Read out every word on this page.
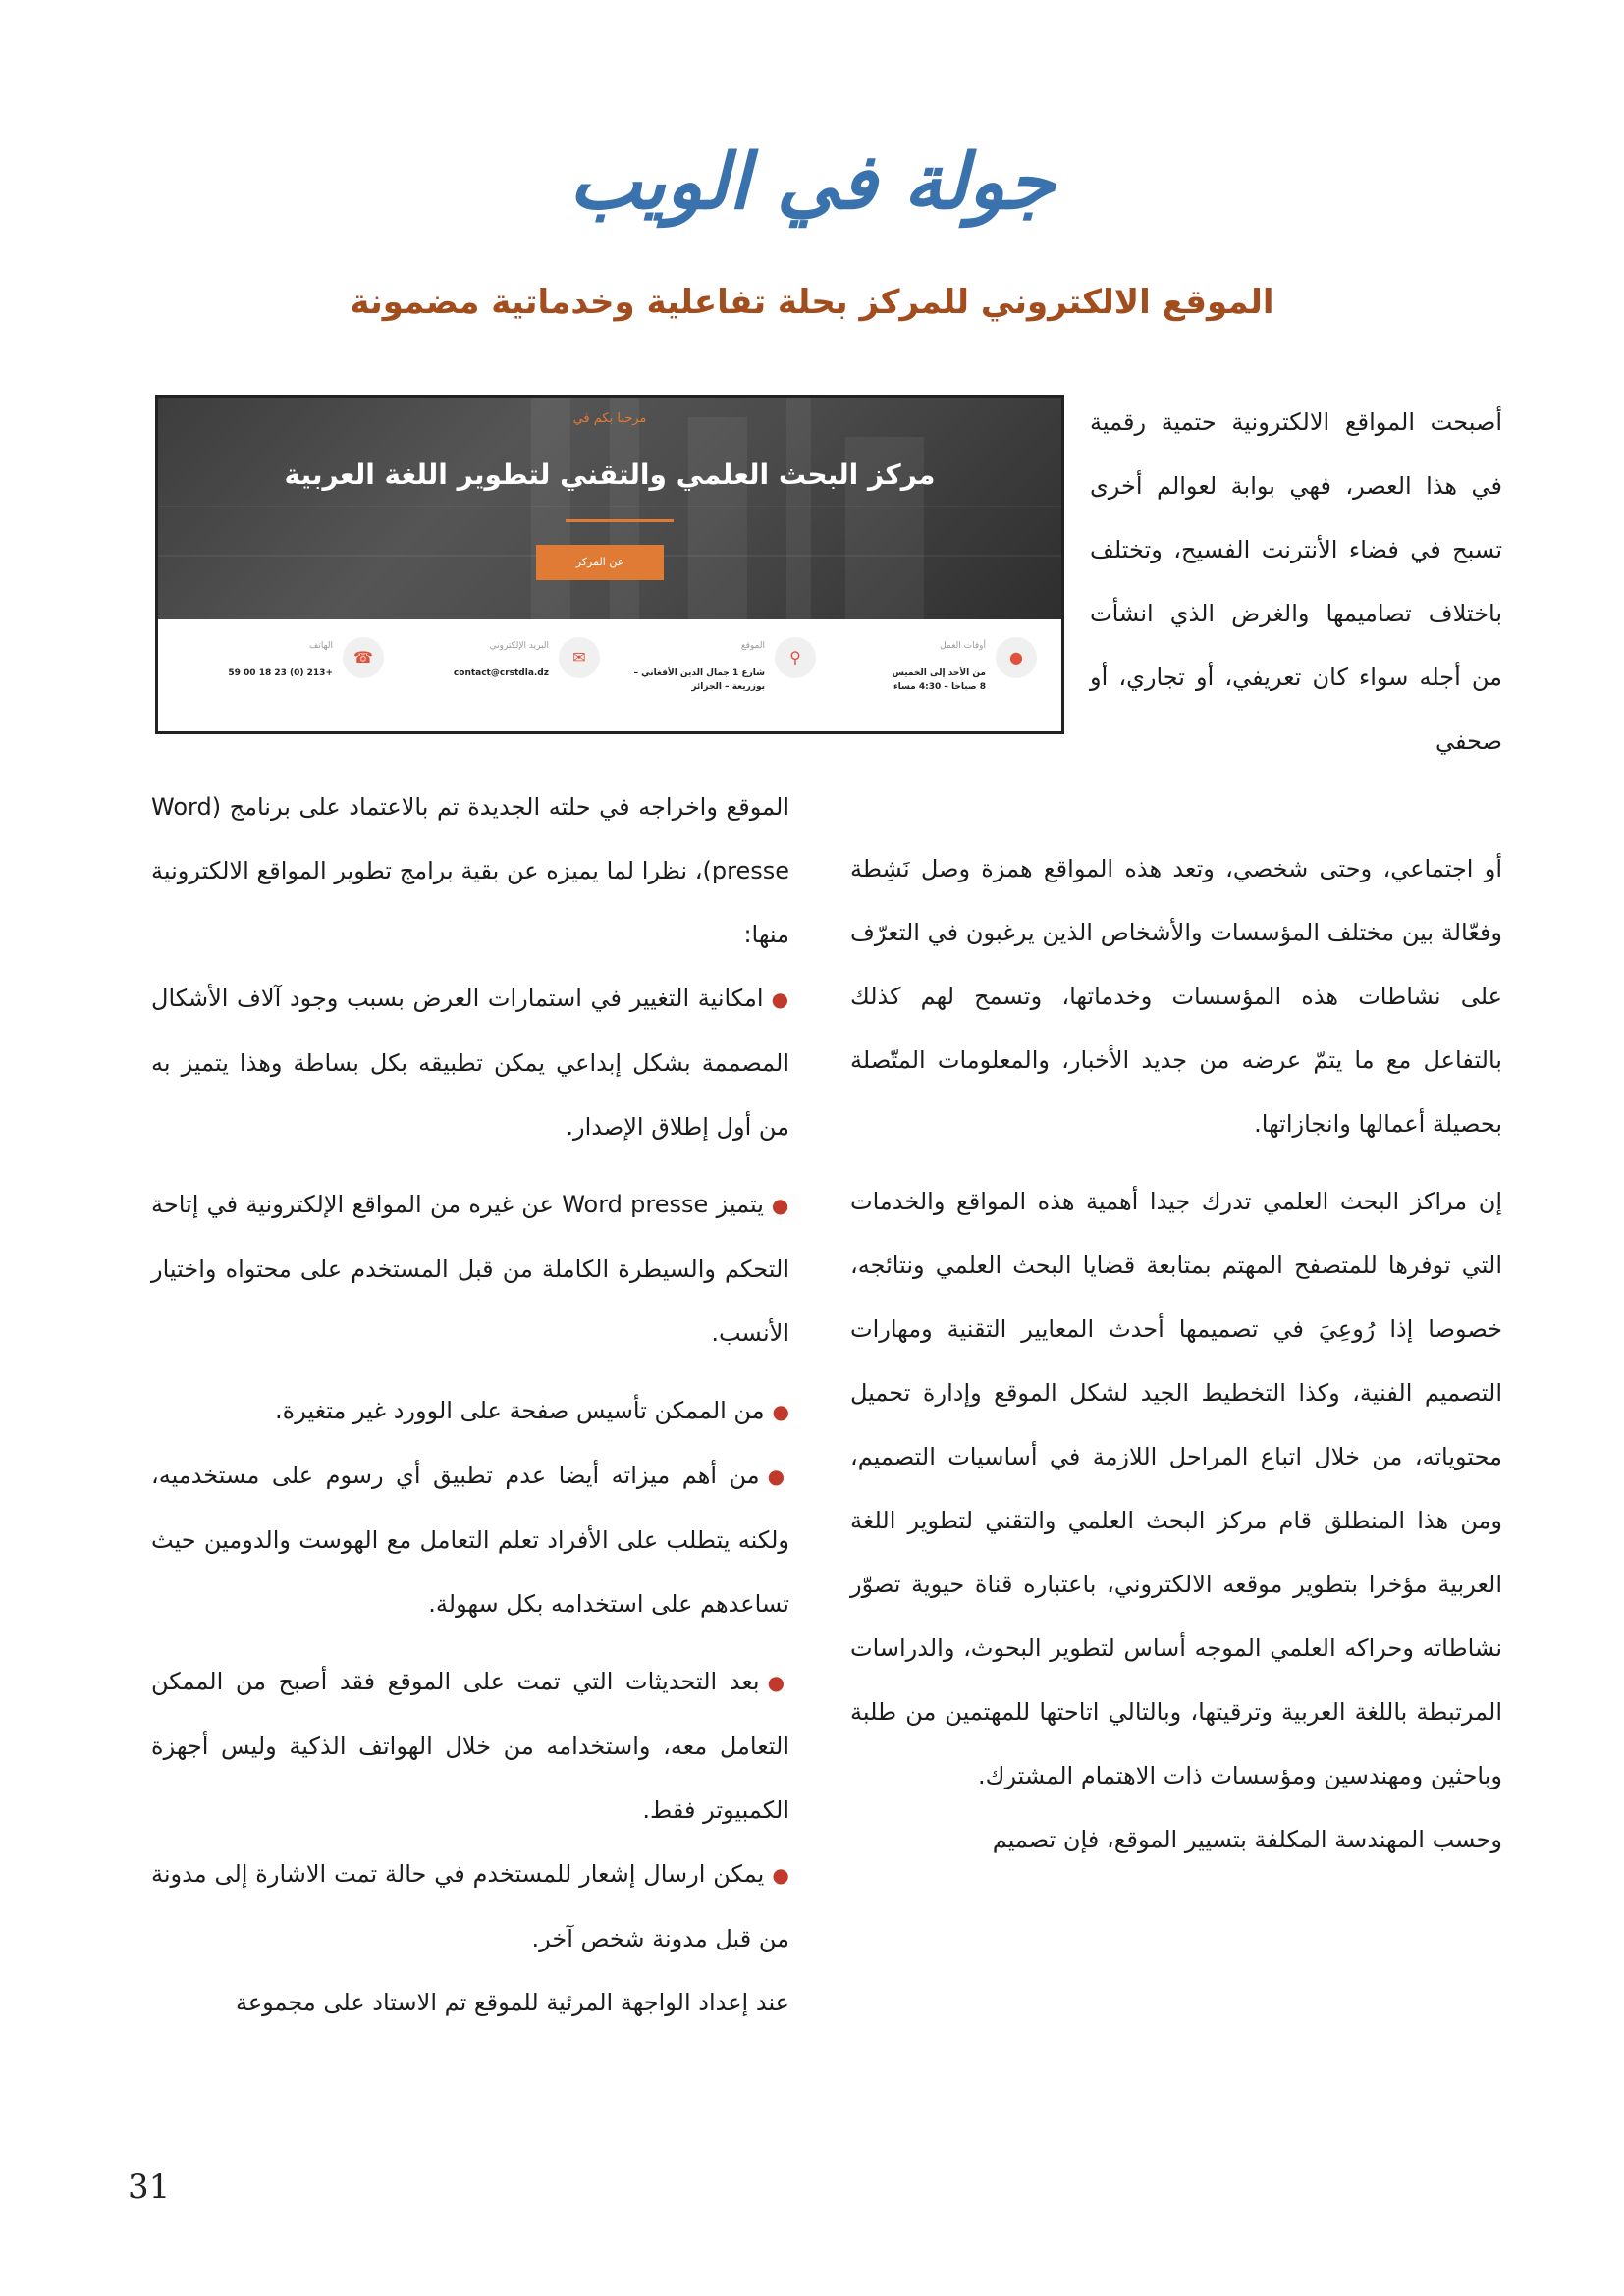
جولة في الويب
الموقع الالكتروني للمركز بحلة تفاعلية وخدماتية مضمونة
مرحبا بكم في
مركز البحث العلمي والتقني لتطوير اللغة العربية
عن المركز
●
أوقات العمل
من الأحد إلى الخميس
8 صباحا – 4:30 مساء
⚲
الموقع
شارع 1 جمال الدين الأفغاني –
بوزريعة – الجزائر
✉
البريد الإلكتروني
contact@crstdla.dz
☎
الهاتف
+213 (0) 23 18 00 59

أصبحت المواقع الالكترونية حتمية رقمية في هذا العصر، فهي بوابة لعوالم أخرى تسبح في فضاء الأنترنت الفسيح، وتختلف باختلاف تصاميمها والغرض الذي انشأت من أجله سواء كان تعريفي، أو تجاري، أو صحفي

أو اجتماعي، وحتى شخصي، وتعد هذه المواقع همزة وصل نَشِطة وفعّالة بين مختلف المؤسسات والأشخاص الذين يرغبون في التعرّف على نشاطات هذه المؤسسات وخدماتها، وتسمح لهم كذلك بالتفاعل مع ما يتمّ عرضه من جديد الأخبار، والمعلومات المتّصلة بحصيلة أعمالها وانجازاتها.

إن مراكز البحث العلمي تدرك جيدا أهمية هذه المواقع والخدمات التي توفرها للمتصفح المهتم بمتابعة قضايا البحث العلمي ونتائجه، خصوصا إذا رُوعِيَ في تصميمها أحدث المعايير التقنية ومهارات التصميم الفنية، وكذا التخطيط الجيد لشكل الموقع وإدارة تحميل محتوياته، من خلال اتباع المراحل اللازمة في أساسيات التصميم، ومن هذا المنطلق قام مركز البحث العلمي والتقني لتطوير اللغة العربية مؤخرا بتطوير موقعه الالكتروني، باعتباره قناة حيوية تصوّر نشاطاته وحراكه العلمي الموجه أساس لتطوير البحوث، والدراسات المرتبطة باللغة العربية وترقيتها، وبالتالي اتاحتها للمهتمين من طلبة وباحثين ومهندسين ومؤسسات ذات الاهتمام المشترك.

وحسب المهندسة المكلفة بتسيير الموقع، فإن تصميم

الموقع واخراجه في حلته الجديدة تم بالاعتماد على برنامج (Word presse)، نظرا لما يميزه عن بقية برامج تطوير المواقع الالكترونية منها:

●امكانية التغيير في استمارات العرض بسبب وجود آلاف الأشكال المصممة بشكل إبداعي يمكن تطبيقه بكل بساطة وهذا يتميز به من أول إطلاق الإصدار.

●يتميز Word presse عن غيره من المواقع الإلكترونية في إتاحة التحكم والسيطرة الكاملة من قبل المستخدم على محتواه واختيار الأنسب.

●من الممكن تأسيس صفحة على الوورد غير متغيرة.

●من أهم ميزاته أيضا عدم تطبيق أي رسوم على مستخدميه، ولكنه يتطلب على الأفراد تعلم التعامل مع الهوست والدومين حيث تساعدهم على استخدامه بكل سهولة.

●بعد التحديثات التي تمت على الموقع فقد أصبح من الممكن التعامل معه، واستخدامه من خلال الهواتف الذكية وليس أجهزة الكمبيوتر فقط.

●يمكن ارسال إشعار للمستخدم في حالة تمت الاشارة إلى مدونة من قبل مدونة شخص آخر.

عند إعداد الواجهة المرئية للموقع تم الاستاد على مجموعة

31
